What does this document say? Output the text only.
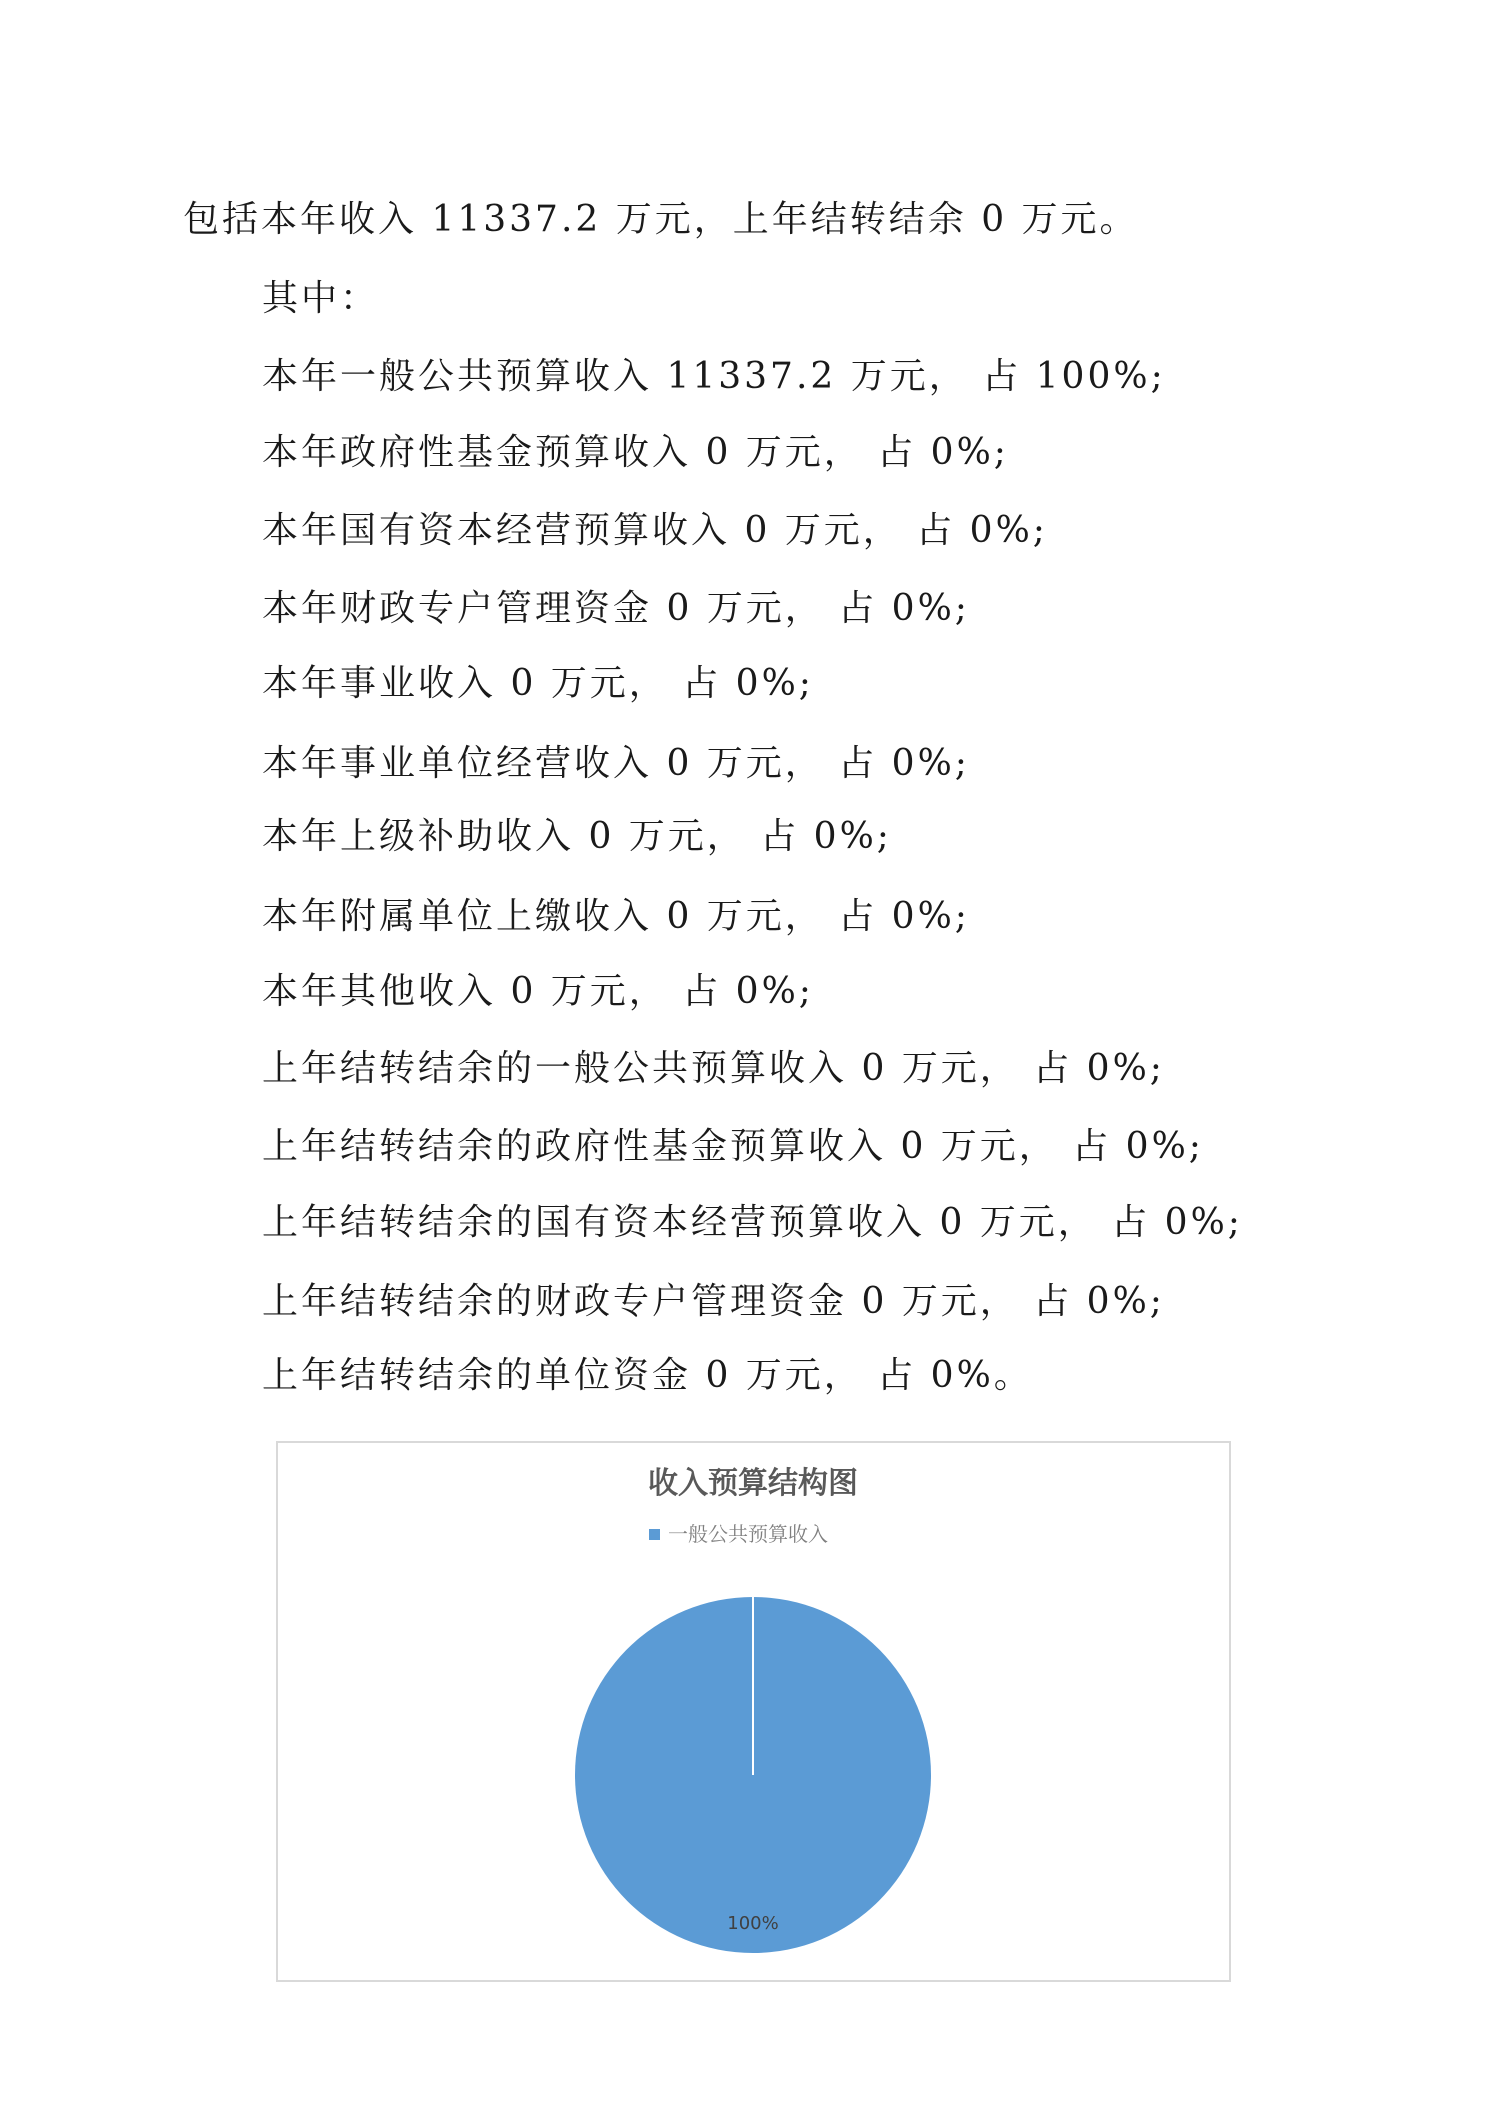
包括本年收入 11337.2 万元，上年结转结余 0 万元。

其中：

本年一般公共预算收入 11337.2 万元， 占 100%;

本年政府性基金预算收入 0 万元， 占 0%;

本年国有资本经营预算收入 0 万元， 占 0%;

本年财政专户管理资金 0 万元， 占 0%;

本年事业收入 0 万元， 占 0%;

本年事业单位经营收入 0 万元， 占 0%;

本年上级补助收入 0 万元， 占 0%;

本年附属单位上缴收入 0 万元， 占 0%;

本年其他收入 0 万元， 占 0%;

上年结转结余的一般公共预算收入 0 万元， 占 0%;

上年结转结余的政府性基金预算收入 0 万元， 占 0%;

上年结转结余的国有资本经营预算收入 0 万元， 占 0%;

上年结转结余的财政专户管理资金 0 万元， 占 0%;

上年结转结余的单位资金 0 万元， 占 0%。

收入预算结构图
一般公共预算收入
100%
